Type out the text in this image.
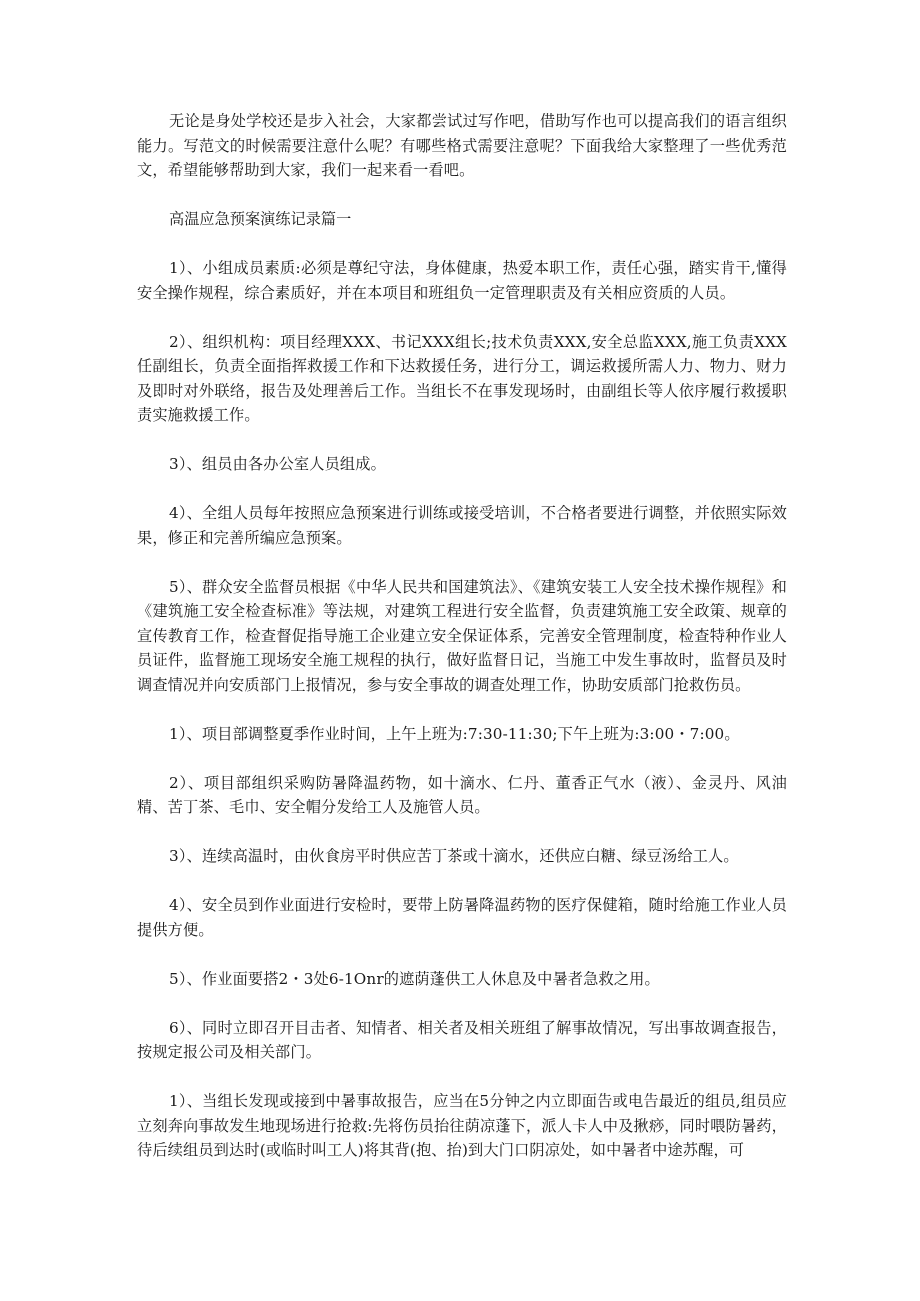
无论是身处学校还是步入社会，大家都尝试过写作吧，借助写作也可以提高我们的语言组织能力。写范文的时候需要注意什么呢？有哪些格式需要注意呢？下面我给大家整理了一些优秀范文，希望能够帮助到大家，我们一起来看一看吧。

高温应急预案演练记录篇一

1）、小组成员素质:必须是尊纪守法，身体健康，热爱本职工作，责任心强，踏实肯干,懂得安全操作规程，综合素质好，并在本项目和班组负一定管理职责及有关相应资质的人员。

2）、组织机构：项目经理XXX、书记XXX组长;技术负责XXX,安全总监XXX,施工负责XXX任副组长，负责全面指挥救援工作和下达救援任务，进行分工，调运救援所需人力、物力、财力及即时对外联络，报告及处理善后工作。当组长不在事发现场时，由副组长等人依序履行救援职责实施救援工作。

3）、组员由各办公室人员组成。

4）、全组人员每年按照应急预案进行训练或接受培训，不合格者要进行调整，并依照实际效果，修正和完善所编应急预案。

5）、群众安全监督员根据《中华人民共和国建筑法》、《建筑安装工人安全技术操作规程》和《建筑施工安全检查标准》等法规，对建筑工程进行安全监督，负责建筑施工安全政策、规章的宣传教育工作，检查督促指导施工企业建立安全保证体系，完善安全管理制度，检查特种作业人员证件，监督施工现场安全施工规程的执行，做好监督日记，当施工中发生事故时，监督员及时调查情况并向安质部门上报情况，参与安全事故的调查处理工作，协助安质部门抢救伤员。

1）、项目部调整夏季作业时间，上午上班为:7:30-11:30;下午上班为:3:00・7:00。

2）、项目部组织采购防暑降温药物，如十滴水、仁丹、董香正气水（液）、金灵丹、风油精、苦丁茶、毛巾、安全帽分发给工人及施管人员。

3）、连续高温时，由伙食房平时供应苦丁茶或十滴水，还供应白糖、绿豆汤给工人。

4）、安全员到作业面进行安检时，要带上防暑降温药物的医疗保健箱，随时给施工作业人员提供方便。

5）、作业面要搭2・3处6-1Onr的遮荫蓬供工人休息及中暑者急救之用。

6）、同时立即召开目击者、知情者、相关者及相关班组了解事故情况，写出事故调查报告，按规定报公司及相关部门。

1）、当组长发现或接到中暑事故报告，应当在5分钟之内立即面告或电告最近的组员,组员应立刻奔向事故发生地现场进行抢救:先将伤员抬往荫凉蓬下，派人卡人中及揪痧，同时喂防暑药，待后续组员到达时(或临时叫工人)将其背(抱、抬)到大门口阴凉处，如中暑者中途苏醒，可
